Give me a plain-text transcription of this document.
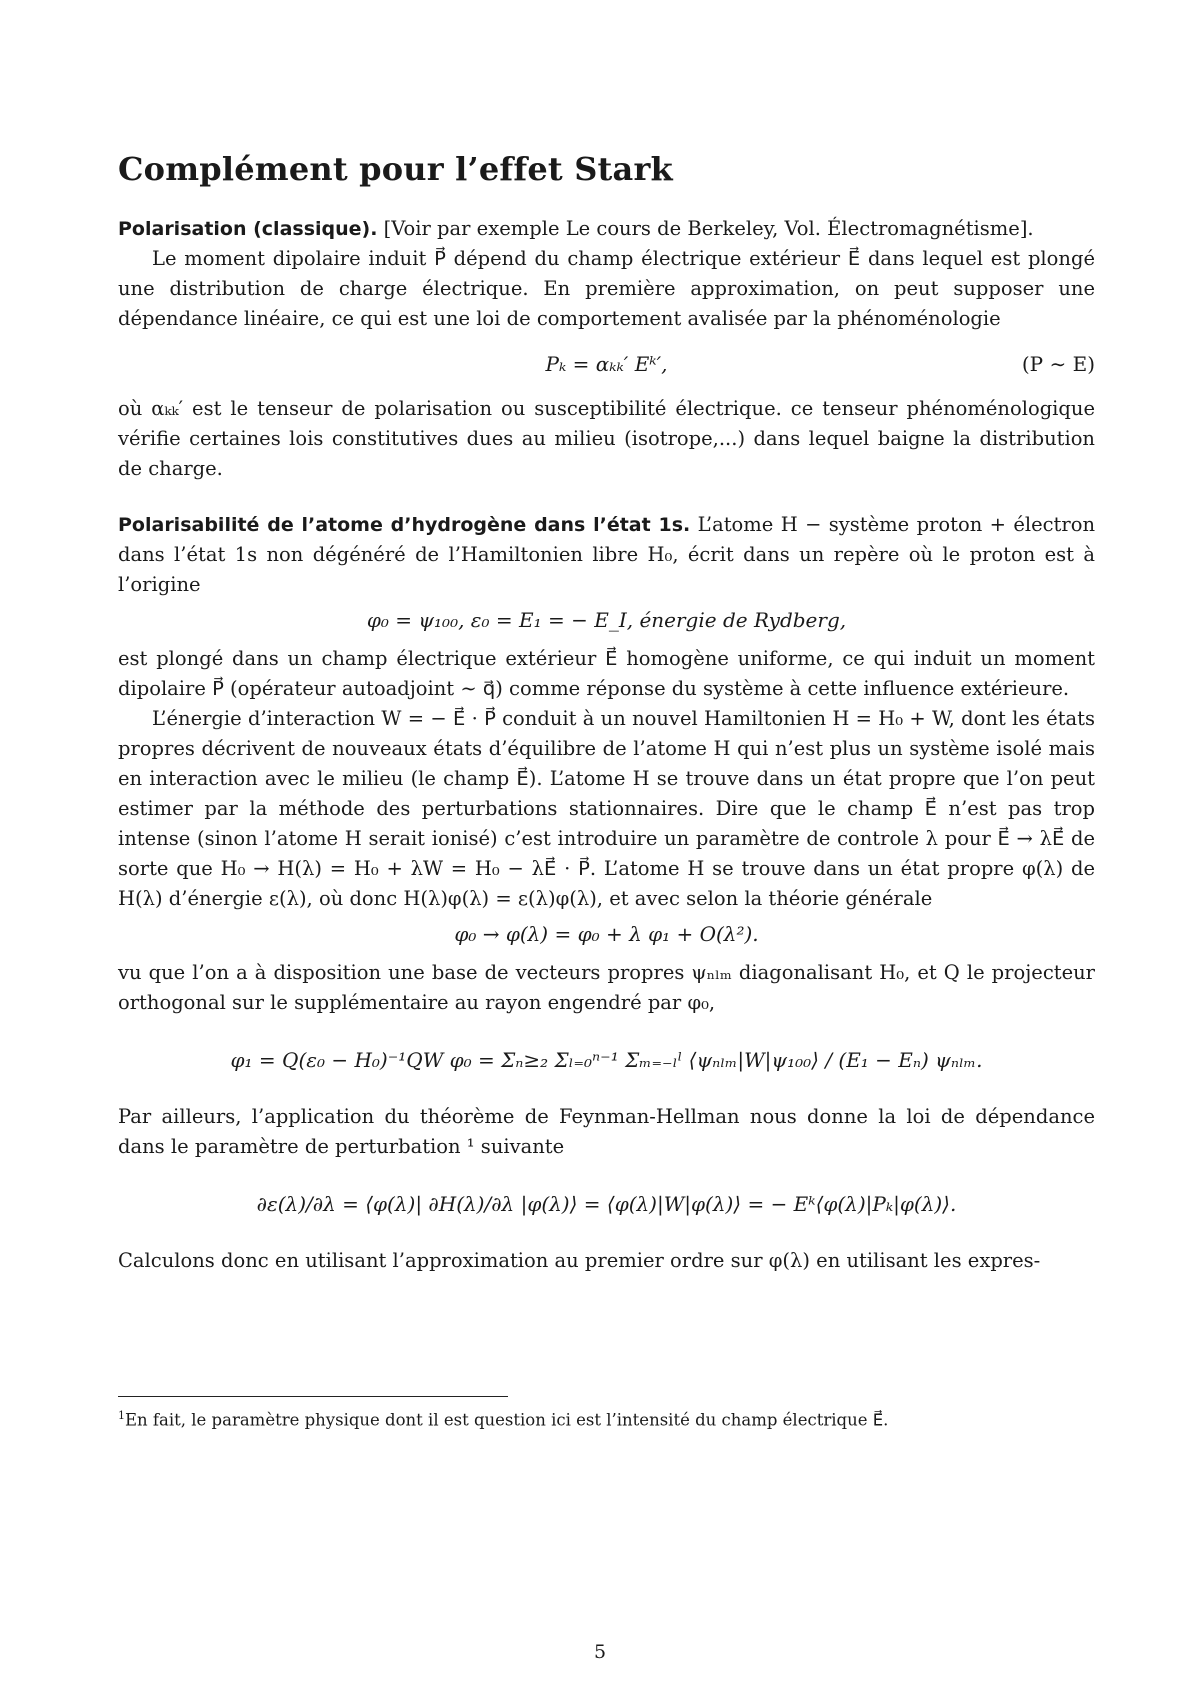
Complément pour l’effet Stark

Polarisation (classique). [Voir par exemple Le cours de Berkeley, Vol. Électromagnétisme].

Le moment dipolaire induit P⃗ dépend du champ électrique extérieur E⃗ dans lequel est plongé une distribution de charge électrique. En première approximation, on peut supposer une dépendance linéaire, ce qui est une loi de comportement avalisée par la phénoménologie

Pₖ = αₖₖ′ Eᵏ′,	(P ∼ E)

où αₖₖ′ est le tenseur de polarisation ou susceptibilité électrique. ce tenseur phénoménologique vérifie certaines lois constitutives dues au milieu (isotrope,...) dans lequel baigne la distribution de charge.

Polarisabilité de l’atome d’hydrogène dans l’état 1s. L’atome H − système proton + électron dans l’état 1s non dégénéré de l’Hamiltonien libre H₀, écrit dans un repère où le proton est à l’origine

φ₀ = ψ₁₀₀, ε₀ = E₁ = − E_I, énergie de Rydberg,

est plongé dans un champ électrique extérieur E⃗ homogène uniforme, ce qui induit un moment dipolaire P⃗ (opérateur autoadjoint ∼ q⃗) comme réponse du système à cette influence extérieure.

L’énergie d’interaction W = − E⃗ · P⃗ conduit à un nouvel Hamiltonien H = H₀ + W, dont les états propres décrivent de nouveaux états d’équilibre de l’atome H qui n’est plus un système isolé mais en interaction avec le milieu (le champ E⃗). L’atome H se trouve dans un état propre que l’on peut estimer par la méthode des perturbations stationnaires. Dire que le champ E⃗ n’est pas trop intense (sinon l’atome H serait ionisé) c’est introduire un paramètre de controle λ pour E⃗ → λE⃗ de sorte que H₀ → H(λ) = H₀ + λW = H₀ − λE⃗ · P⃗. L’atome H se trouve dans un état propre φ(λ) de H(λ) d’énergie ε(λ), où donc H(λ)φ(λ) = ε(λ)φ(λ), et avec selon la théorie générale

φ₀ → φ(λ) = φ₀ + λ φ₁ + O(λ²).

vu que l’on a à disposition une base de vecteurs propres ψₙₗₘ diagonalisant H₀, et Q le projecteur orthogonal sur le supplémentaire au rayon engendré par φ₀,

φ₁ = Q(ε₀ − H₀)⁻¹QW φ₀ = Σₙ≥₂ Σₗ₌₀ⁿ⁻¹ Σₘ₌₋ₗˡ ⟨ψₙₗₘ|W|ψ₁₀₀⟩ / (E₁ − Eₙ) ψₙₗₘ.

Par ailleurs, l’application du théorème de Feynman-Hellman nous donne la loi de dépendance dans le paramètre de perturbation ¹ suivante

∂ε(λ)/∂λ = ⟨φ(λ)| ∂H(λ)/∂λ |φ(λ)⟩ = ⟨φ(λ)|W|φ(λ)⟩ = − Eᵏ⟨φ(λ)|Pₖ|φ(λ)⟩.

Calculons donc en utilisant l’approximation au premier ordre sur φ(λ) en utilisant les expres-

$^1$En fait, le paramètre physique dont il est question ici est l’intensité du champ électrique E⃗.
5
